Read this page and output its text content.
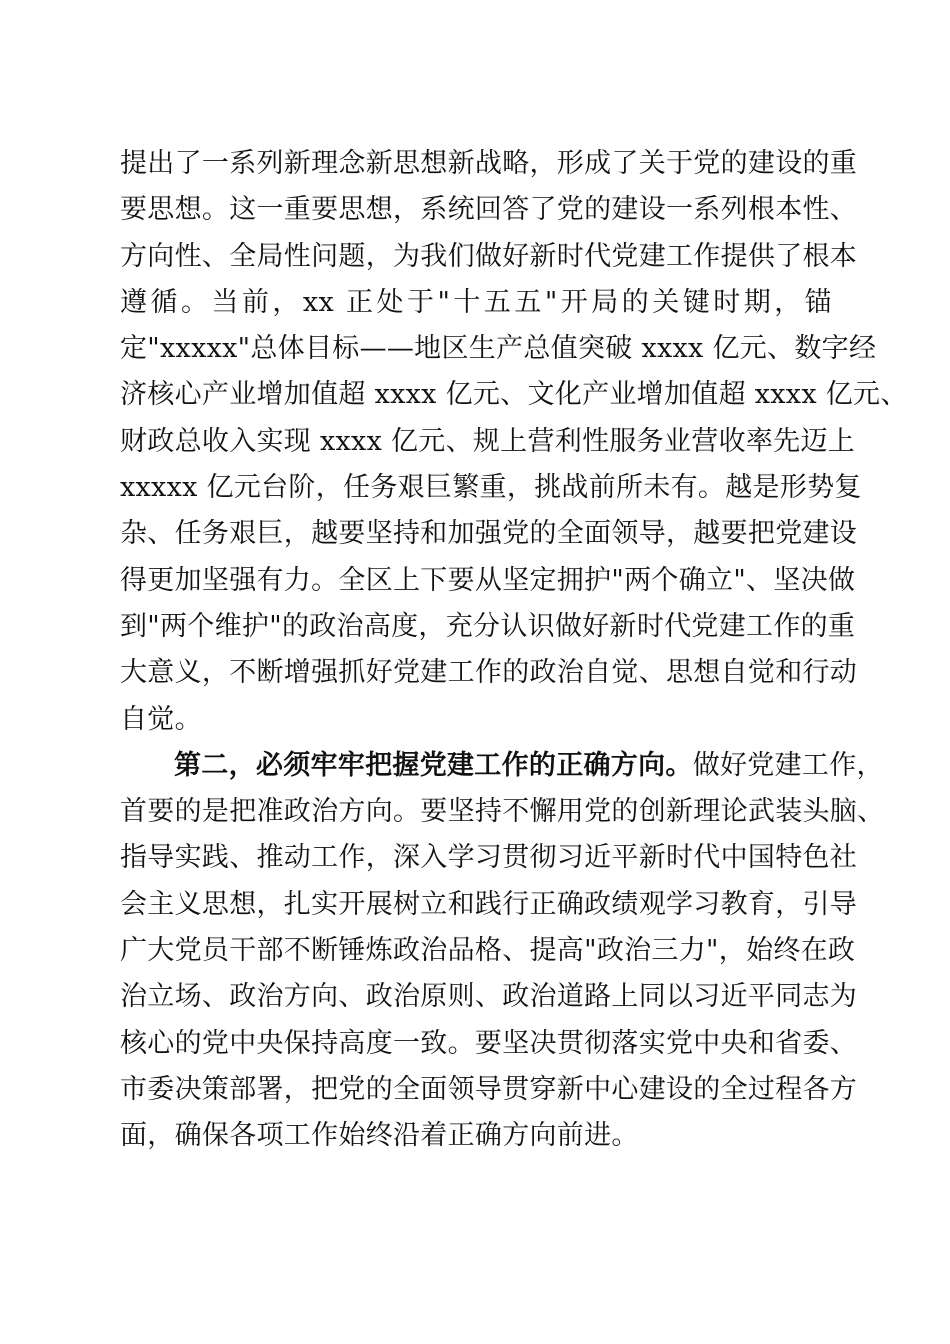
提出了一系列新理念新思想新战略，形成了关于党的建设的重
要思想。这一重要思想，系统回答了党的建设一系列根本性、
方向性、全局性问题，为我们做好新时代党建工作提供了根本
遵循。当前，xx 正处于"十五五"开局的关键时期，锚
定"xxxxx"总体目标——地区生产总值突破 xxxx 亿元、数字经
济核心产业增加值超 xxxx 亿元、文化产业增加值超 xxxx 亿元、
财政总收入实现 xxxx 亿元、规上营利性服务业营收率先迈上
xxxxx 亿元台阶，任务艰巨繁重，挑战前所未有。越是形势复
杂、任务艰巨，越要坚持和加强党的全面领导，越要把党建设
得更加坚强有力。全区上下要从坚定拥护"两个确立"、坚决做
到"两个维护"的政治高度，充分认识做好新时代党建工作的重
大意义，不断增强抓好党建工作的政治自觉、思想自觉和行动
自觉。
第二，必须牢牢把握党建工作的正确方向。做好党建工作，
首要的是把准政治方向。要坚持不懈用党的创新理论武装头脑、
指导实践、推动工作，深入学习贯彻习近平新时代中国特色社
会主义思想，扎实开展树立和践行正确政绩观学习教育，引导
广大党员干部不断锤炼政治品格、提高"政治三力"，始终在政
治立场、政治方向、政治原则、政治道路上同以习近平同志为
核心的党中央保持高度一致。要坚决贯彻落实党中央和省委、
市委决策部署，把党的全面领导贯穿新中心建设的全过程各方
面，确保各项工作始终沿着正确方向前进。
